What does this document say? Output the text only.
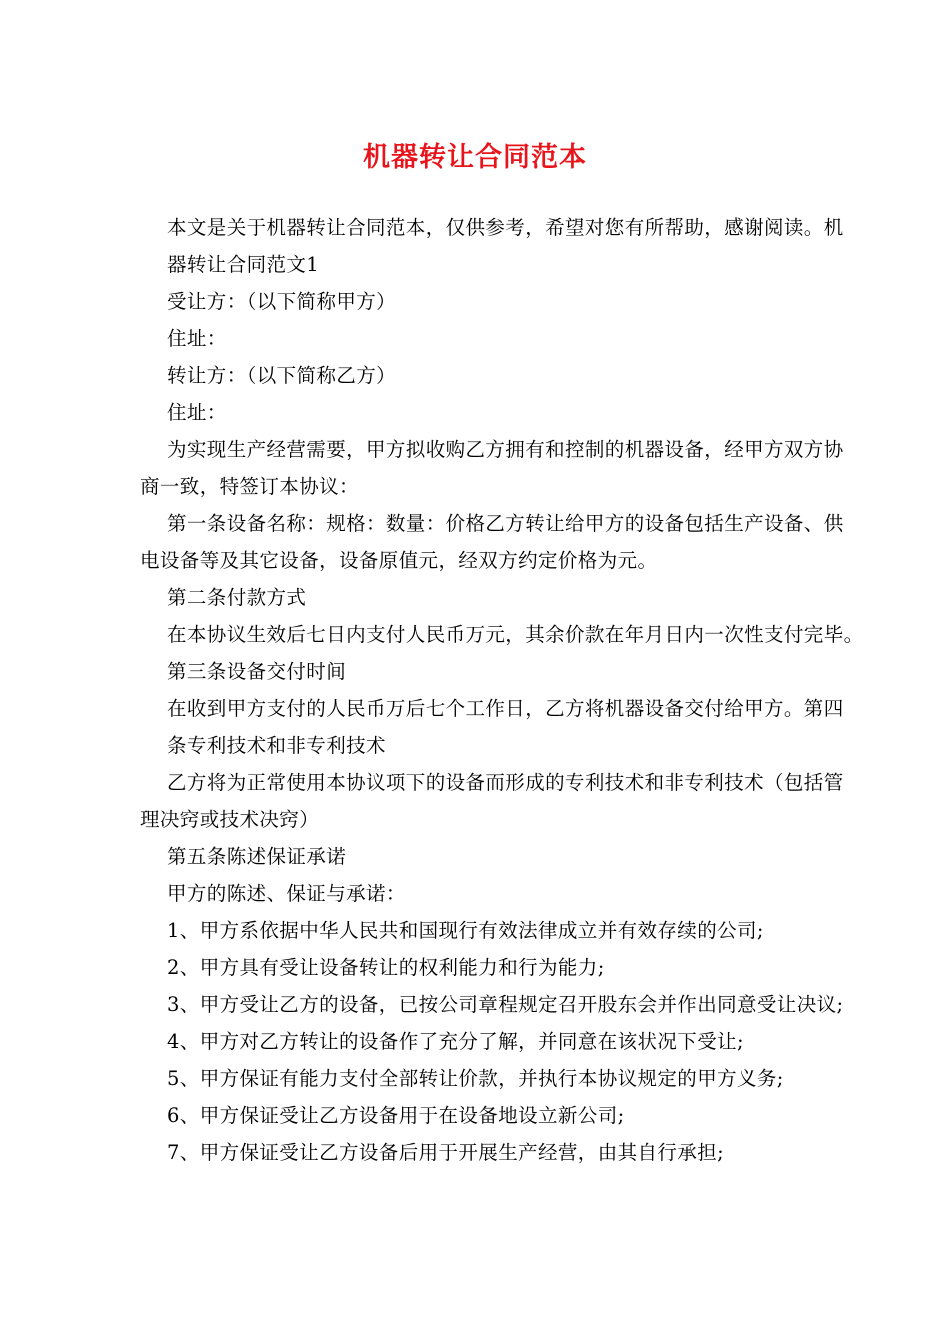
机器转让合同范本
本文是关于机器转让合同范本，仅供参考，希望对您有所帮助，感谢阅读。机
器转让合同范文1
受让方：（以下简称甲方）
住址：
转让方：（以下简称乙方）
住址：
为实现生产经营需要，甲方拟收购乙方拥有和控制的机器设备，经甲方双方协
商一致，特签订本协议：
第一条设备名称：规格：数量：价格乙方转让给甲方的设备包括生产设备、供
电设备等及其它设备，设备原值元，经双方约定价格为元。
第二条付款方式
在本协议生效后七日内支付人民币万元，其余价款在年月日内一次性支付完毕。
第三条设备交付时间
在收到甲方支付的人民币万后七个工作日，乙方将机器设备交付给甲方。第四
条专利技术和非专利技术
乙方将为正常使用本协议项下的设备而形成的专利技术和非专利技术（包括管
理决窍或技术决窍）
第五条陈述保证承诺
甲方的陈述、保证与承诺：
1、甲方系依据中华人民共和国现行有效法律成立并有效存续的公司;
2、甲方具有受让设备转让的权利能力和行为能力;
3、甲方受让乙方的设备，已按公司章程规定召开股东会并作出同意受让决议;
4、甲方对乙方转让的设备作了充分了解，并同意在该状况下受让;
5、甲方保证有能力支付全部转让价款，并执行本协议规定的甲方义务;
6、甲方保证受让乙方设备用于在设备地设立新公司;
7、甲方保证受让乙方设备后用于开展生产经营，由其自行承担;
